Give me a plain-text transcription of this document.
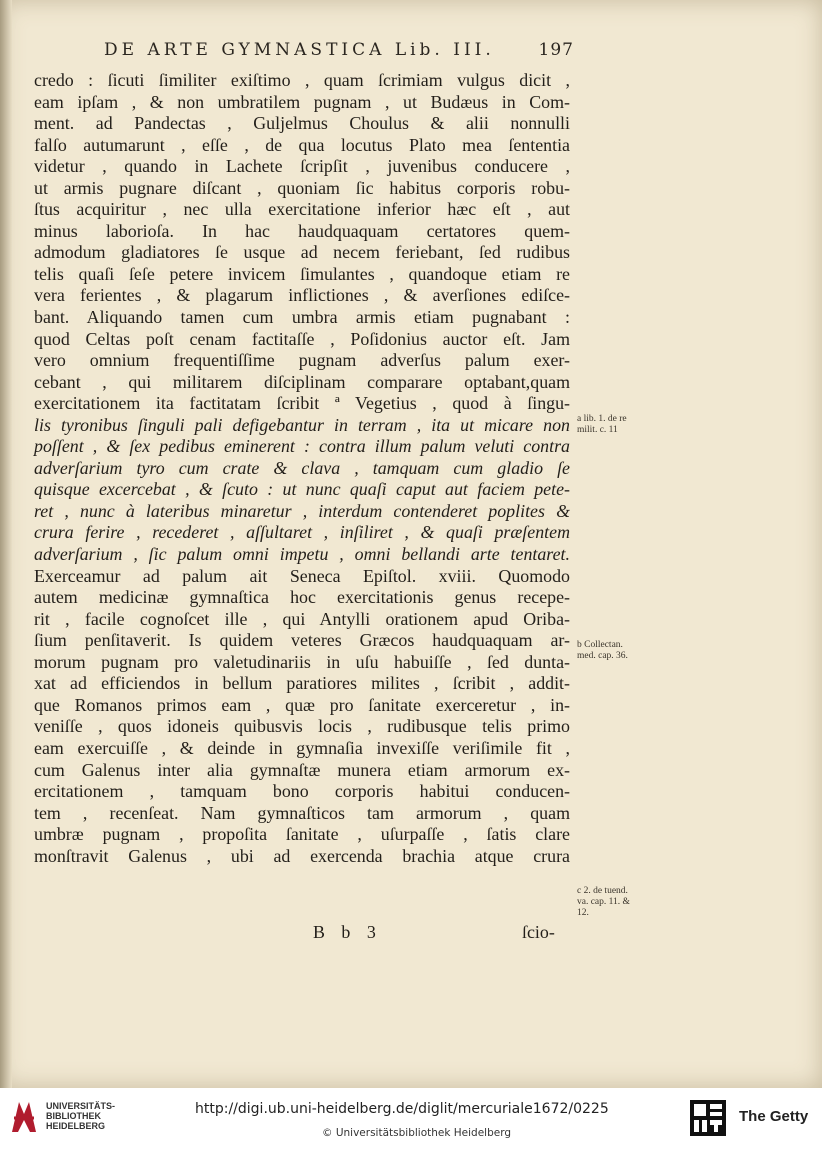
DE ARTE GYMNASTICA Lib. III.	197
credo : ſicuti ſimiliter exiſtimo , quam ſcrimiam vulgus dicit ,
eam ipſam , & non umbratilem pugnam , ut Budæus in Com-
ment. ad Pandectas , Guljelmus Choulus & alii nonnulli
falſo autumarunt , eſſe , de qua locutus Plato mea ſententia
videtur , quando in Lachete ſcripſit , juvenibus conducere ,
ut armis pugnare diſcant , quoniam ſic habitus corporis robu-
ſtus acquiritur , nec ulla exercitatione inferior hæc eſt , aut
minus laborioſa. In hac haudquaquam certatores quem-
admodum gladiatores ſe usque ad necem feriebant, ſed rudibus
telis quaſi ſeſe petere invicem ſimulantes , quandoque etiam re
vera ferientes , & plagarum inflictiones , & averſiones ediſce-
bant. Aliquando tamen cum umbra armis etiam pugnabant :
quod Celtas poſt cenam factitaſſe , Poſidonius auctor eſt. Jam
vero omnium frequentiſſime pugnam adverſus palum exer-
cebant , qui militarem diſciplinam comparare optabant,quam
exercitationem ita factitatam ſcribit ª Vegetius , quod à ſingu-
lis tyronibus ſinguli pali defigebantur in terram , ita ut micare non
poſſent , & ſex pedibus eminerent : contra illum palum veluti contra
adverſarium tyro cum crate & clava , tamquam cum gladio ſe
quisque excercebat , & ſcuto : ut nunc quaſi caput aut faciem pete-
ret , nunc à lateribus minaretur , interdum contenderet poplites &
crura ferire , recederet , aſſultaret , inſiliret , & quaſi præſentem
adverſarium , ſic palum omni impetu , omni bellandi arte tentaret.
Exerceamur ad palum ait Seneca Epiſtol. xviii. Quomodo
autem medicinæ gymnaſtica hoc exercitationis genus recepe-
rit , facile cognoſcet ille , qui Antylli orationem apud Oriba-
ſium penſitaverit. Is quidem veteres Græcos haudquaquam ar-
morum pugnam pro valetudinariis in uſu habuiſſe , ſed dunta-
xat ad efficiendos in bellum paratiores milites , ſcribit , addit-
que Romanos primos eam , quæ pro ſanitate exerceretur , in-
veniſſe , quos idoneis quibusvis locis , rudibusque telis primo
eam exercuiſſe , & deinde in gymnaſia invexiſſe veriſimile fit ,
cum Galenus inter alia gymnaſtæ munera etiam armorum ex-
ercitationem , tamquam bono corporis habitui conducen-
tem , recenſeat. Nam gymnaſticos tam armorum , quam
umbræ pugnam , propoſita ſanitate , uſurpaſſe , ſatis clare
monſtravit Galenus , ubi ad exercenda brachia atque crura
a lib. 1. de re
milit. c. 11
b Collectan.
med. cap. 36.
c 2. de tuend.
va. cap. 11. &
12.
B b 3	ſcio-
UNIVERSITÄTS-
BIBLIOTHEK
HEIDELBERG
http://digi.ub.uni-heidelberg.de/diglit/mercuriale1672/0225
© Universitätsbibliothek Heidelberg
The Getty
